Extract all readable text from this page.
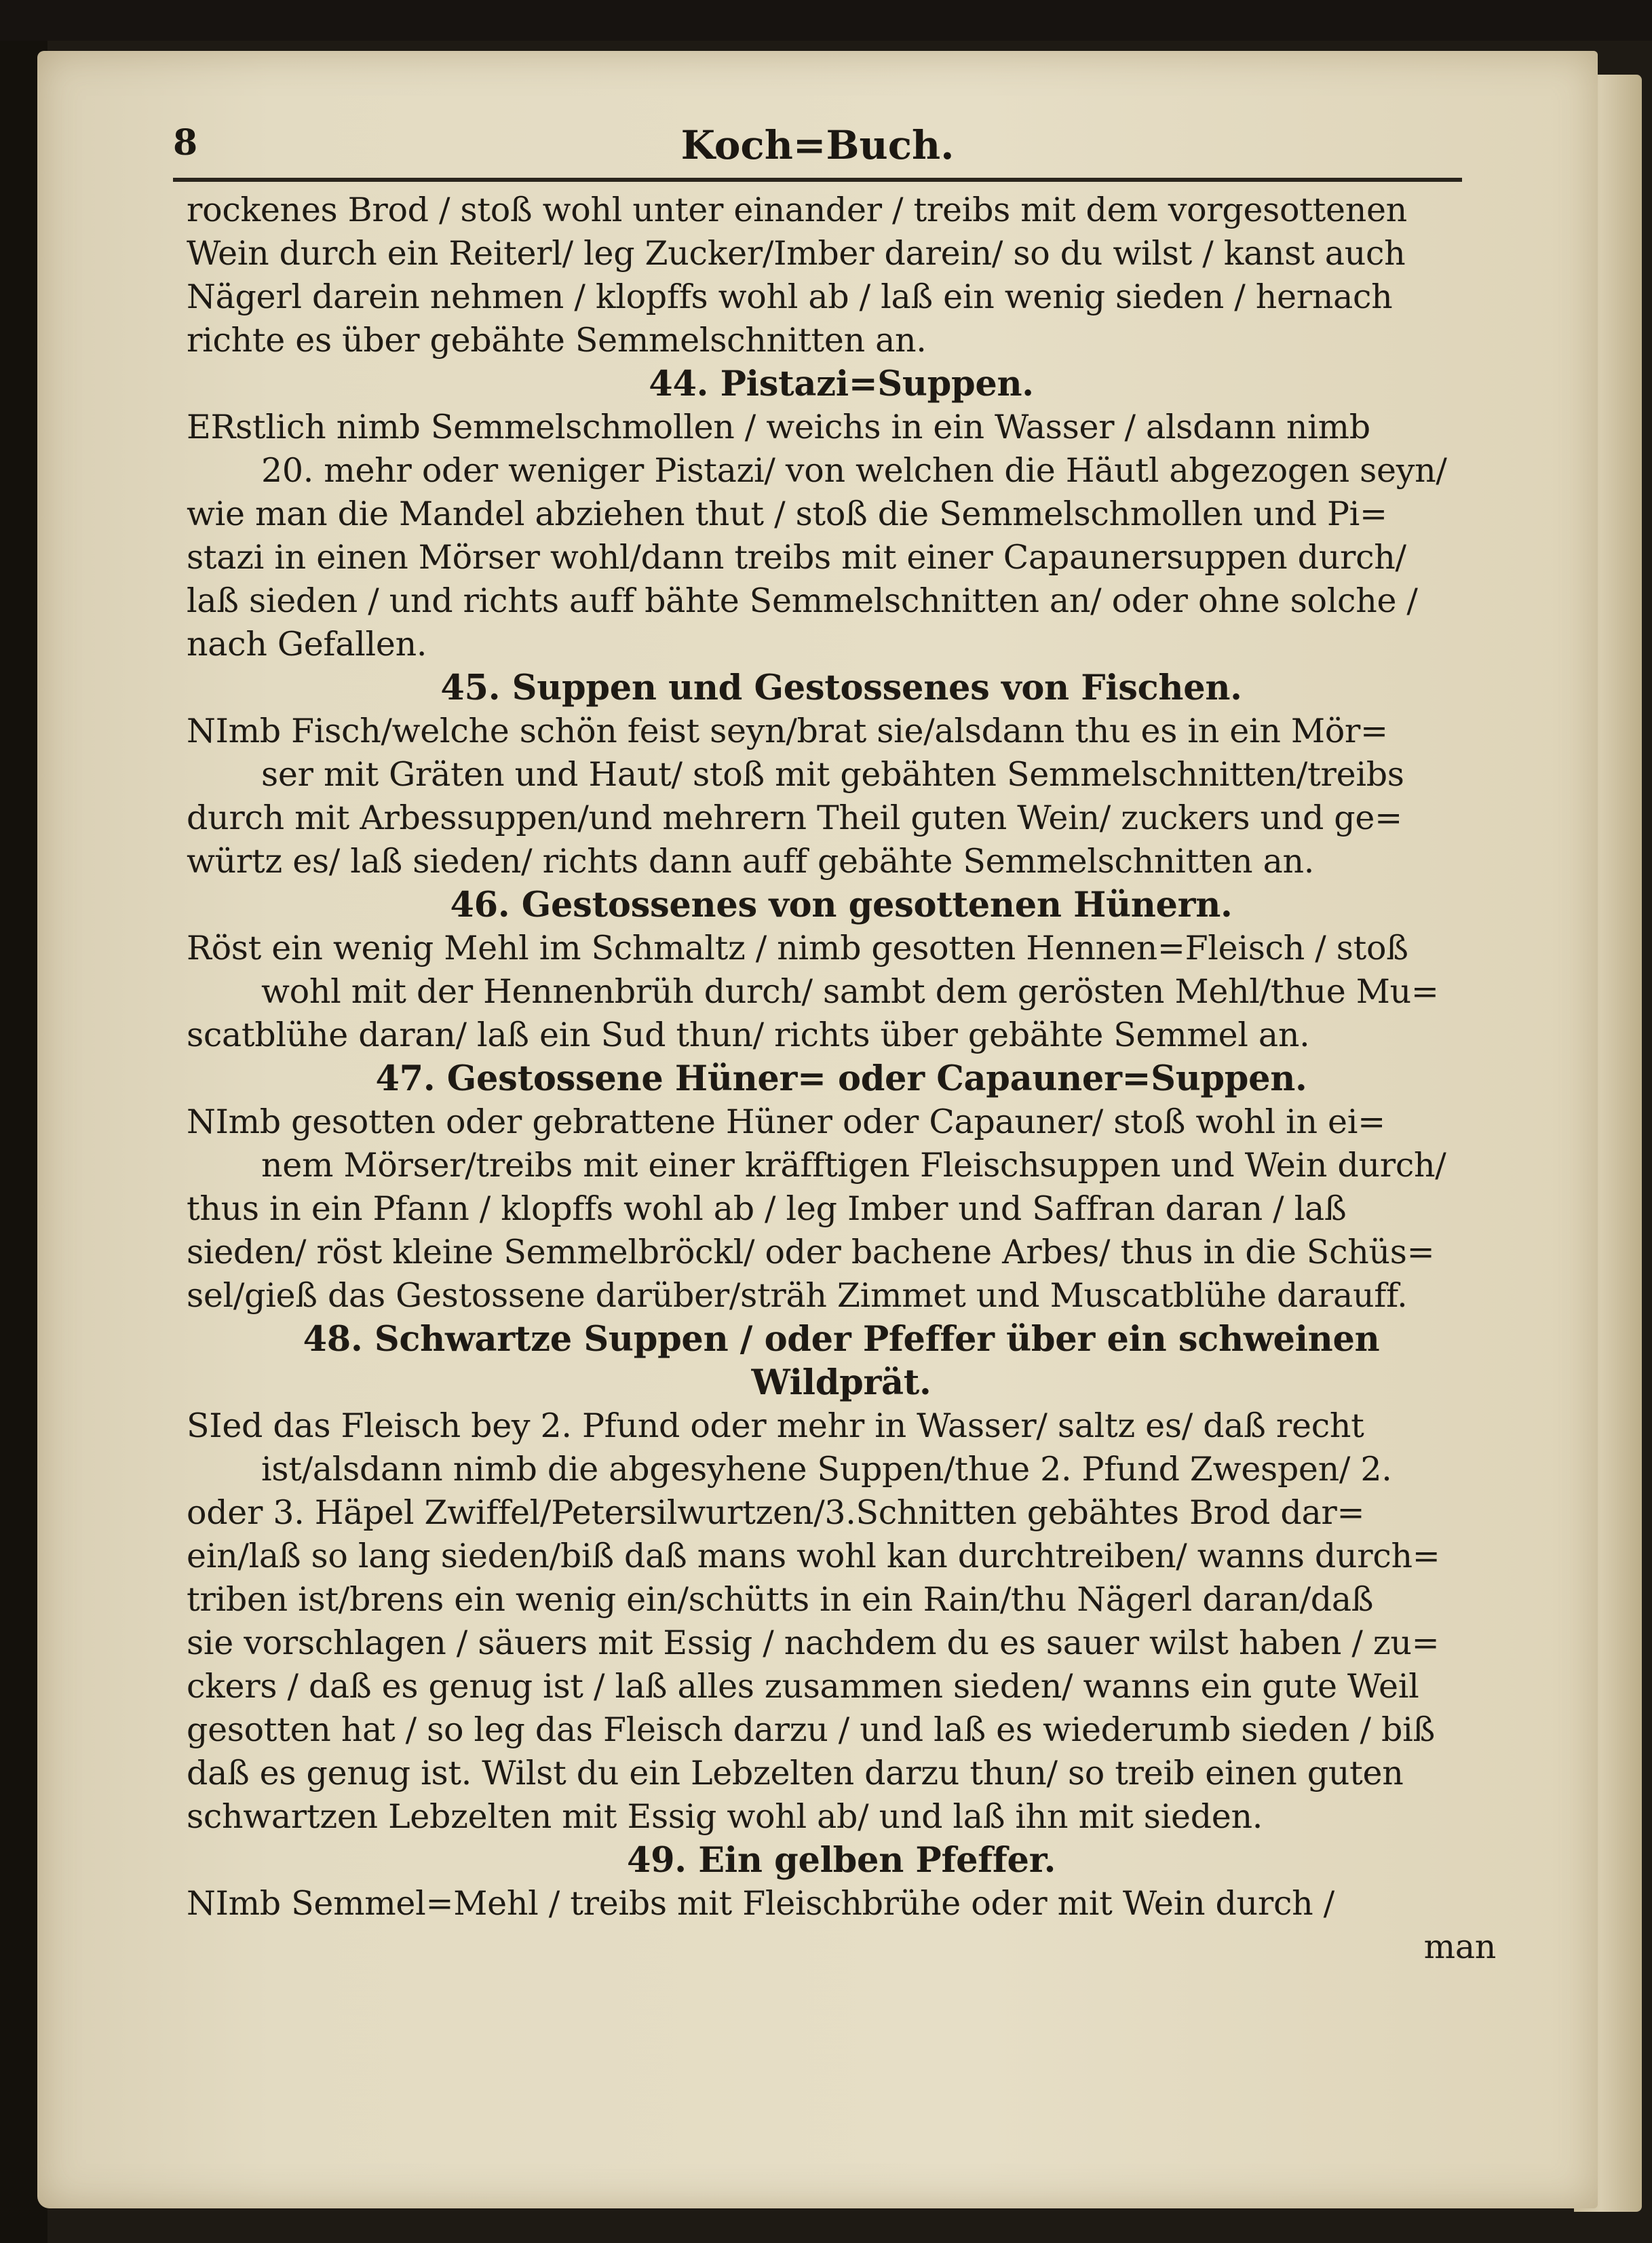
8	Koch=Buch.
rockenes Brod / stoß wohl unter einander / treibs mit dem vorgesottenen
Wein durch ein Reiterl/ leg Zucker/Imber darein/ so du wilst / kanst auch
Nägerl darein nehmen / klopffs wohl ab / laß ein wenig sieden / hernach
richte es über gebähte Semmelschnitten an.
44. Pistazi=Suppen.
ERstlich nimb Semmelschmollen / weichs in ein Wasser / alsdann nimb
20. mehr oder weniger Pistazi/ von welchen die Häutl abgezogen seyn/
wie man die Mandel abziehen thut / stoß die Semmelschmollen und Pi=
stazi in einen Mörser wohl/dann treibs mit einer Capaunersuppen durch/
laß sieden / und richts auff bähte Semmelschnitten an/ oder ohne solche /
nach Gefallen.
45. Suppen und Gestossenes von Fischen.
NImb Fisch/welche schön feist seyn/brat sie/alsdann thu es in ein Mör=
ser mit Gräten und Haut/ stoß mit gebähten Semmelschnitten/treibs
durch mit Arbessuppen/und mehrern Theil guten Wein/ zuckers und ge=
würtz es/ laß sieden/ richts dann auff gebähte Semmelschnitten an.
46. Gestossenes von gesottenen Hünern.
Röst ein wenig Mehl im Schmaltz / nimb gesotten Hennen=Fleisch / stoß
wohl mit der Hennenbrüh durch/ sambt dem gerösten Mehl/thue Mu=
scatblühe daran/ laß ein Sud thun/ richts über gebähte Semmel an.
47. Gestossene Hüner= oder Capauner=Suppen.
NImb gesotten oder gebrattene Hüner oder Capauner/ stoß wohl in ei=
nem Mörser/treibs mit einer kräfftigen Fleischsuppen und Wein durch/
thus in ein Pfann / klopffs wohl ab / leg Imber und Saffran daran / laß
sieden/ röst kleine Semmelbröckl/ oder bachene Arbes/ thus in die Schüs=
sel/gieß das Gestossene darüber/sträh Zimmet und Muscatblühe darauff.
48. Schwartze Suppen / oder Pfeffer über ein schweinen
Wildprät.
SIed das Fleisch bey 2. Pfund oder mehr in Wasser/ saltz es/ daß recht
ist/alsdann nimb die abgesyhene Suppen/thue 2. Pfund Zwespen/ 2.
oder 3. Häpel Zwiffel/Petersilwurtzen/3.Schnitten gebähtes Brod dar=
ein/laß so lang sieden/biß daß mans wohl kan durchtreiben/ wanns durch=
triben ist/brens ein wenig ein/schütts in ein Rain/thu Nägerl daran/daß
sie vorschlagen / säuers mit Essig / nachdem du es sauer wilst haben / zu=
ckers / daß es genug ist / laß alles zusammen sieden/ wanns ein gute Weil
gesotten hat / so leg das Fleisch darzu / und laß es wiederumb sieden / biß
daß es genug ist. Wilst du ein Lebzelten darzu thun/ so treib einen guten
schwartzen Lebzelten mit Essig wohl ab/ und laß ihn mit sieden.
49. Ein gelben Pfeffer.
NImb Semmel=Mehl / treibs mit Fleischbrühe oder mit Wein durch /
man
